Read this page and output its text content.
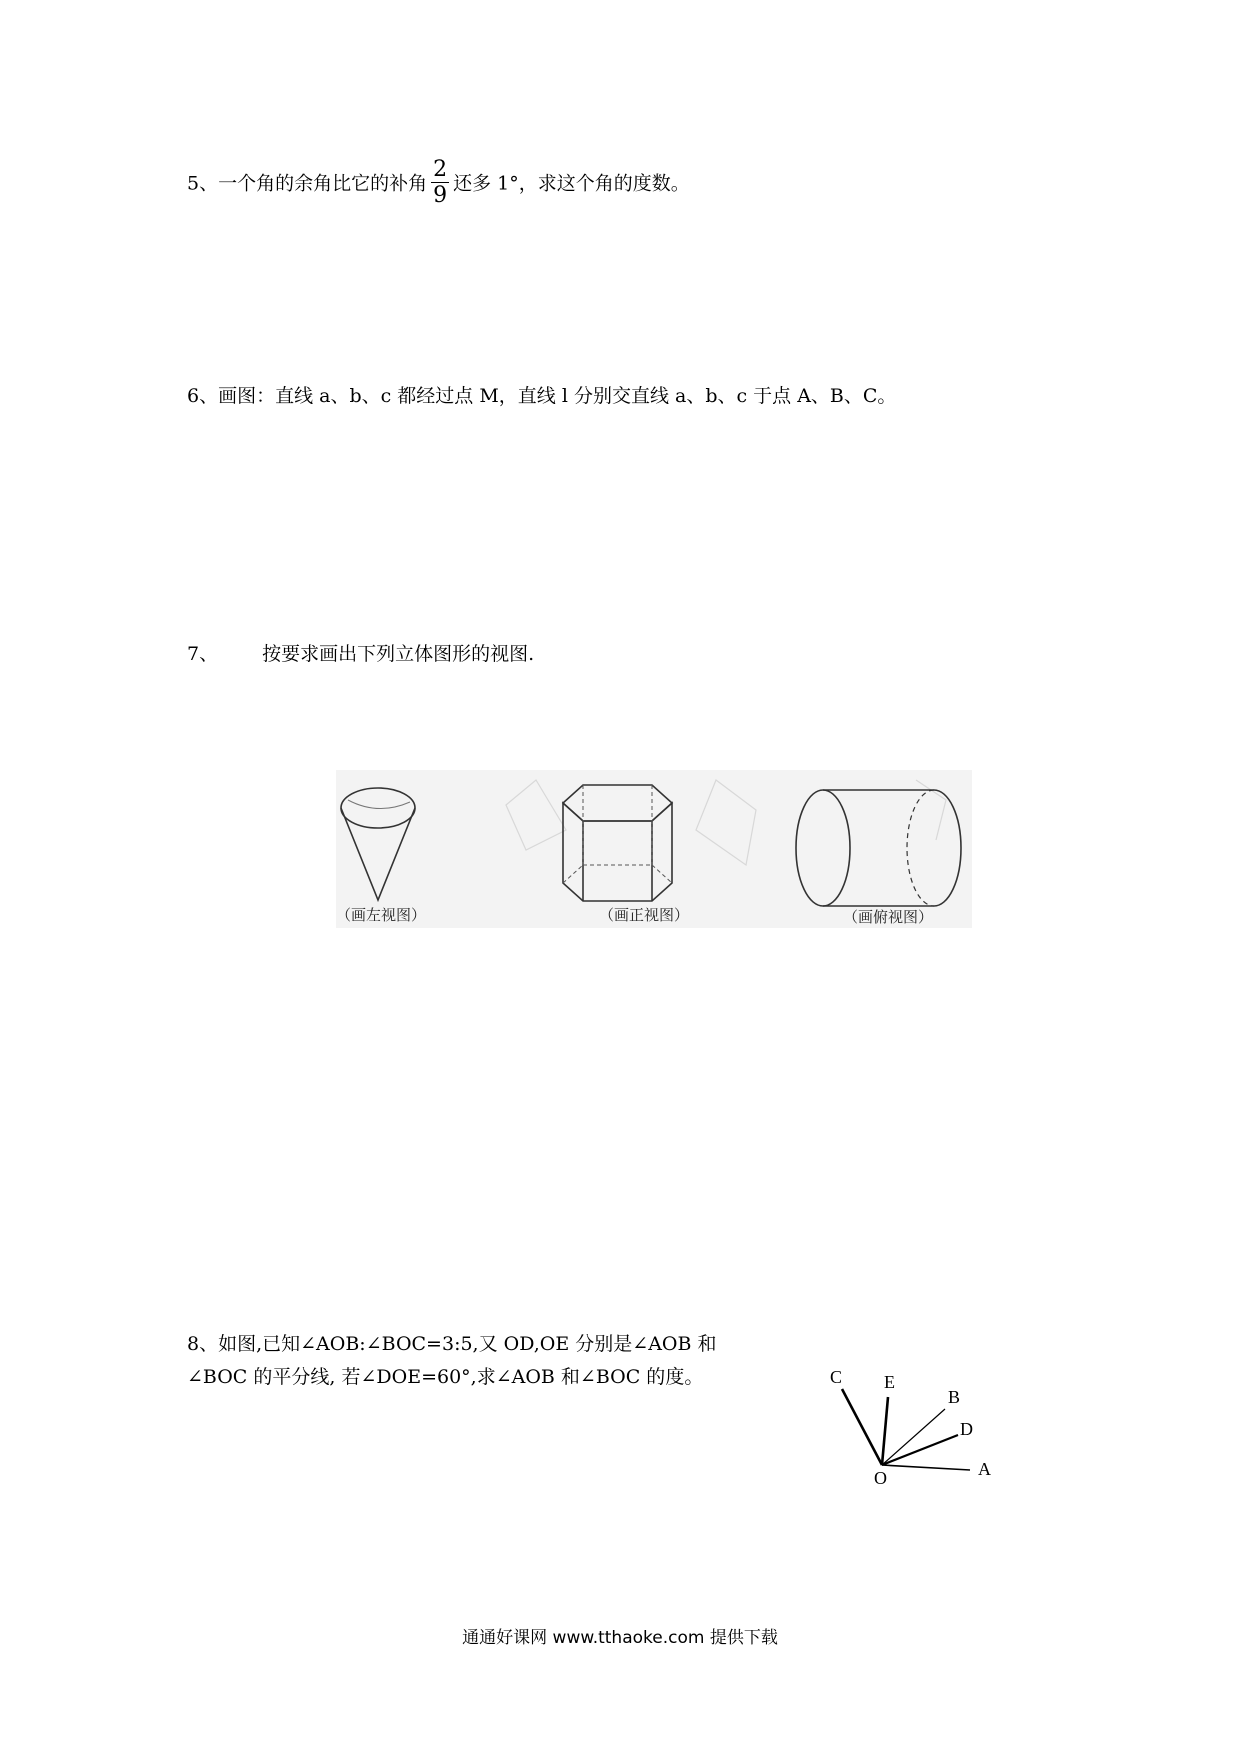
5、一个角的余角比它的补角 $\frac{2}{9}$ 还多 1°，求这个角的度数。
6、画图：直线 a、b、c 都经过点 M，直线 l 分别交直线 a、b、c 于点 A、B、C。
7、 按要求画出下列立体图形的视图.
（画左视图）	（画正视图）	（画俯视图）
8、如图,已知∠AOB:∠BOC=3:5,又 OD,OE 分别是∠AOB 和
∠BOC 的平分线, 若∠DOE=60°,求∠AOB 和∠BOC 的度。	C E
B
D
A
O
通通好课网 www.tthaoke.com 提供下载
